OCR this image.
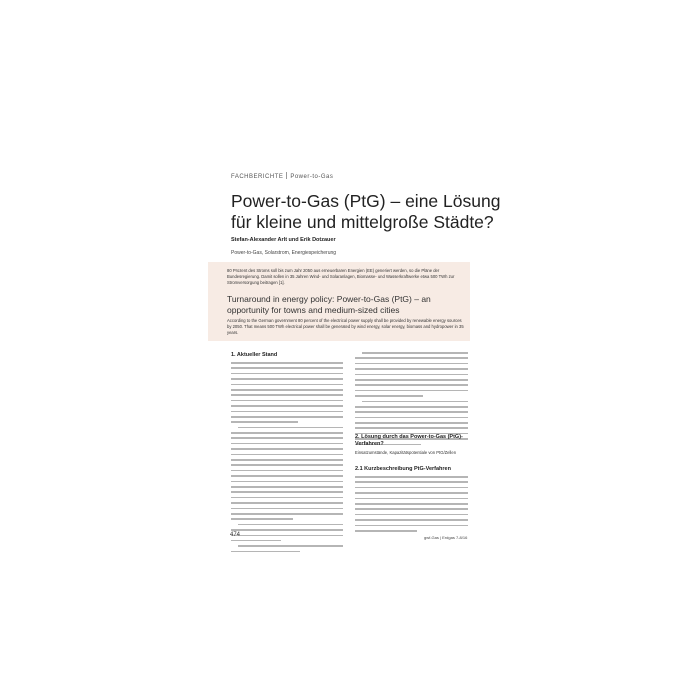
FACHBERICHTE Power-to-Gas
Power-to-Gas (PtG) – eine Lösung für kleine und mittelgroße Städte?
Stefan-Alexander Arlt und Erik Dotzauer
Power-to-Gas, Solarstrom, Energiespeicherung
80 Prozent des Stroms soll bis zum Jahr 2050 aus erneuerbaren Energien (EE) generiert werden, so die Pläne der Bundesregierung. Damit sollen in 35 Jahren Wind- und Solaranlagen, Biomasse- und Wasserkraftwerke etwa 500 TWh zur Stromversorgung beitragen [1].
Turnaround in energy policy: Power-to-Gas (PtG) – an opportunity for towns and medium-sized cities
According to the German government 80 percent of the electrical power supply shall be provided by renewable energy sources by 2050. That means 500 TWh electrical power shall be generated by wind energy, solar energy, biomass and hydropower in 35 years.
1. Aktueller Stand
2. Lösung durch das Power-to-Gas (PtG)-Verfahren?
Einsatzumstände, Kapazitätspotentiale von PtG/Zellen
2.1 Kurzbeschreibung PtG-Verfahren
474	gwf-Gas | Erdgas 7-8/16
